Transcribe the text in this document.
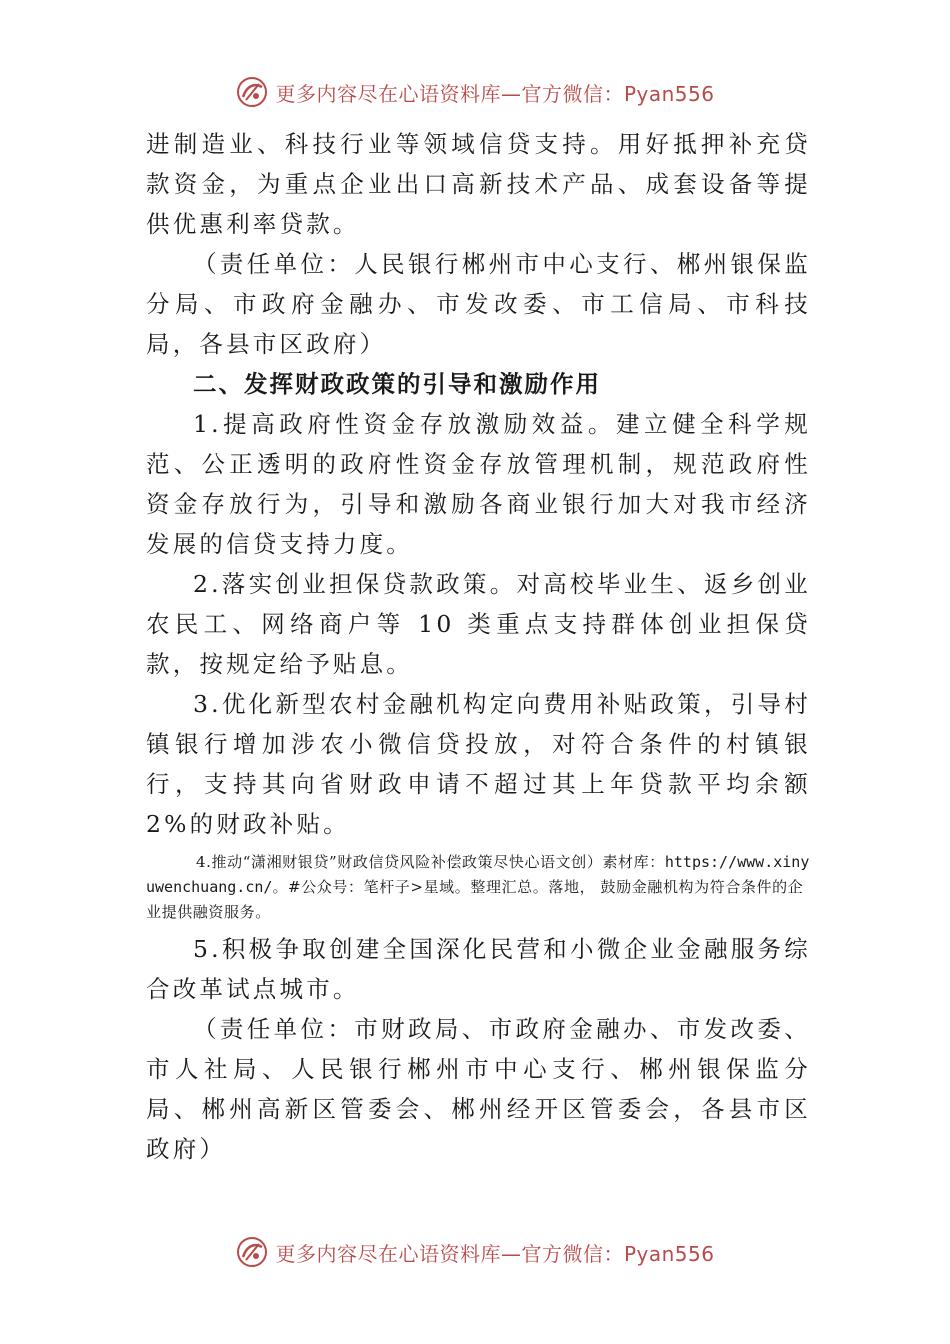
更多内容尽在心语资料库—官方微信：Pyan556

进制造业、科技行业等领域信贷支持。用好抵押补充贷款资金，为重点企业出口高新技术产品、成套设备等提供优惠利率贷款。

（责任单位：人民银行郴州市中心支行、郴州银保监分局、市政府金融办、市发改委、市工信局、市科技局，各县市区政府）

二、发挥财政政策的引导和激励作用

1.提高政府性资金存放激励效益。建立健全科学规范、公正透明的政府性资金存放管理机制，规范政府性资金存放行为，引导和激励各商业银行加大对我市经济发展的信贷支持力度。

2.落实创业担保贷款政策。对高校毕业生、返乡创业农民工、网络商户等 10 类重点支持群体创业担保贷款，按规定给予贴息。

3.优化新型农村金融机构定向费用补贴政策，引导村镇银行增加涉农小微信贷投放，对符合条件的村镇银行，支持其向省财政申请不超过其上年贷款平均余额 2%的财政补贴。

4.推动“潇湘财银贷”财政信贷风险补偿政策尽快心语文创）素材库：https://www.xinyuwenchuang.cn/。#公众号：笔杆子>星域。整理汇总。落地， 鼓励金融机构为符合条件的企业提供融资服务。

5.积极争取创建全国深化民营和小微企业金融服务综合改革试点城市。

（责任单位：市财政局、市政府金融办、市发改委、市人社局、人民银行郴州市中心支行、郴州银保监分局、郴州高新区管委会、郴州经开区管委会，各县市区政府）

更多内容尽在心语资料库—官方微信：Pyan556
